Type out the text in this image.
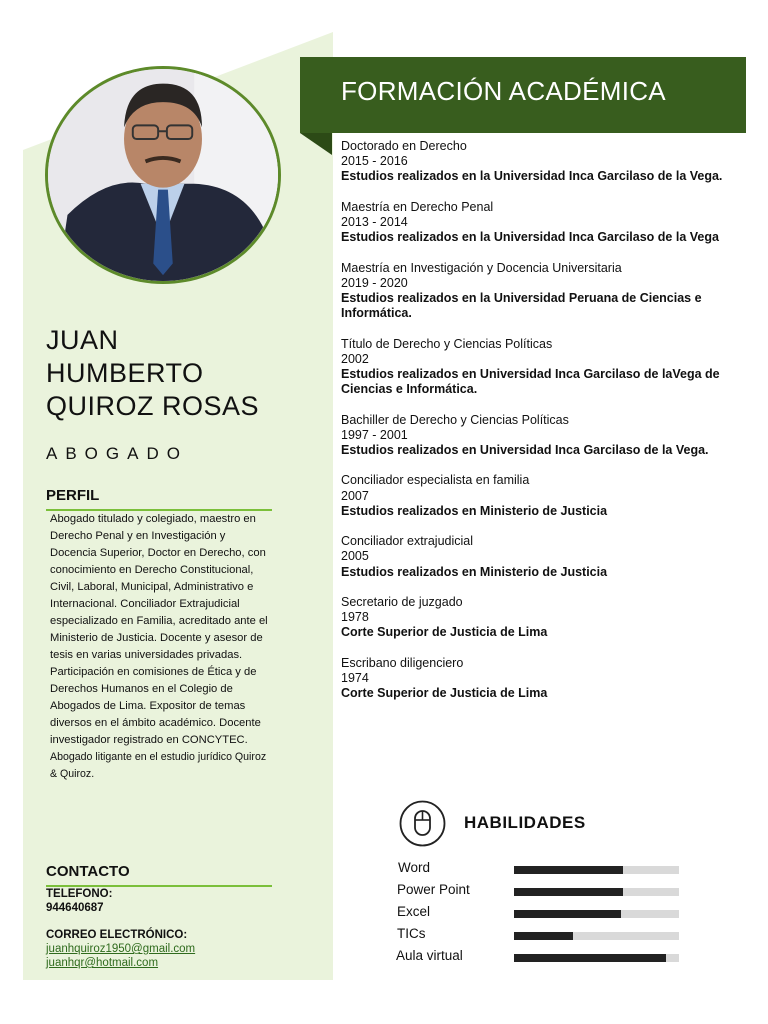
JUAN
HUMBERTO
QUIROZ ROSAS
ABOGADO
PERFIL
Abogado titulado y colegiado, maestro en Derecho Penal y en Investigación y Docencia Superior, Doctor en Derecho, con conocimiento en Derecho Constitucional, Civil, Laboral, Municipal, Administrativo e Internacional. Conciliador Extrajudicial especializado en Familia, acreditado ante el Ministerio de Justicia. Docente y asesor de tesis en varias universidades privadas. Participación en comisiones de Ética y de Derechos Humanos en el Colegio de Abogados de Lima. Expositor de temas diversos en el ámbito académico. Docente investigador registrado en CONCYTEC. Abogado litigante en el estudio jurídico Quiroz & Quiroz.
CONTACTO
TELEFONO:
944640687
CORREO ELECTRÓNICO:
juanhquiroz1950@gmail.com
juanhqr@hotmail.com
FORMACIÓN ACADÉMICA
Doctorado en Derecho
2015 - 2016
Estudios realizados en la Universidad Inca Garcilaso de la Vega.
Maestría en Derecho Penal
2013 - 2014
Estudios realizados en la Universidad Inca Garcilaso de la Vega
Maestría en Investigación y Docencia Universitaria
2019 - 2020
Estudios realizados en la Universidad Peruana de Ciencias e Informática.
Título de Derecho y Ciencias Políticas
2002
Estudios realizados en Universidad Inca Garcilaso de laVega de Ciencias e Informática.
Bachiller de Derecho y Ciencias Políticas
1997 - 2001
Estudios realizados en Universidad Inca Garcilaso de la Vega.
Conciliador especialista en familia
2007
Estudios realizados en Ministerio de Justicia
Conciliador extrajudicial
2005
Estudios realizados en Ministerio de Justicia
Secretario de juzgado
1978
Corte Superior de Justicia de Lima
Escribano diligenciero
1974
Corte Superior de Justicia de Lima
HABILIDADES
Word
Power Point
Excel
TICs
Aula virtual
